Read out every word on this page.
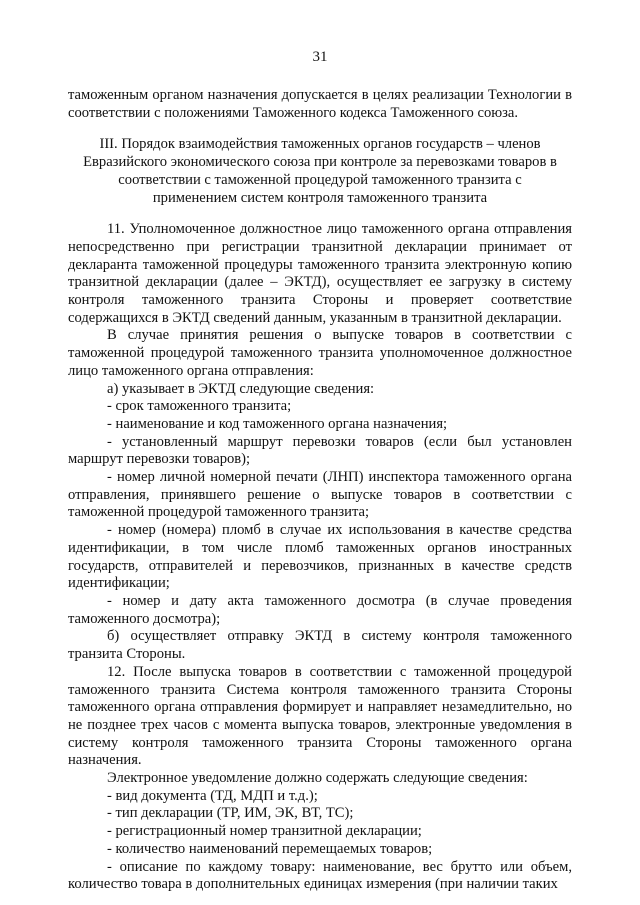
31

таможенным органом назначения допускается в целях реализации Технологии в соответствии с положениями Таможенного кодекса Таможенного союза.

III. Порядок взаимодействия таможенных органов государств – членов Евразийского экономического союза при контроле за перевозками товаров в соответствии с таможенной процедурой таможенного транзита с применением систем контроля таможенного транзита

11. Уполномоченное должностное лицо таможенного органа отправления непосредственно при регистрации транзитной декларации принимает от декларанта таможенной процедуры таможенного транзита электронную копию транзитной декларации (далее – ЭКТД), осуществляет ее загрузку в систему контроля таможенного транзита Стороны и проверяет соответствие содержащихся в ЭКТД сведений данным, указанным в транзитной декларации.

В случае принятия решения о выпуске товаров в соответствии с таможенной процедурой таможенного транзита уполномоченное должностное лицо таможенного органа отправления:

а) указывает в ЭКТД следующие сведения:

- срок таможенного транзита;

- наименование и код таможенного органа назначения;

- установленный маршрут перевозки товаров (если был установлен маршрут перевозки товаров);

- номер личной номерной печати (ЛНП) инспектора таможенного органа отправления, принявшего решение о выпуске товаров в соответствии с таможенной процедурой таможенного транзита;

- номер (номера) пломб в случае их использования в качестве средства идентификации, в том числе пломб таможенных органов иностранных государств, отправителей и перевозчиков, признанных в качестве средств идентификации;

- номер и дату акта таможенного досмотра (в случае проведения таможенного досмотра);

б) осуществляет отправку ЭКТД в систему контроля таможенного транзита Стороны.

12. После выпуска товаров в соответствии с таможенной процедурой таможенного транзита Система контроля таможенного транзита Стороны таможенного органа отправления формирует и направляет незамедлительно, но не позднее трех часов с момента выпуска товаров, электронные уведомления в систему контроля таможенного транзита Стороны таможенного органа назначения.

Электронное уведомление должно содержать следующие сведения:

- вид документа (ТД, МДП и т.д.);

- тип декларации (ТР, ИМ, ЭК, ВТ, ТС);

- регистрационный номер транзитной декларации;

- количество наименований перемещаемых товаров;

- описание по каждому товару: наименование, вес брутто или объем, количество товара в дополнительных единицах измерения (при наличии таких
